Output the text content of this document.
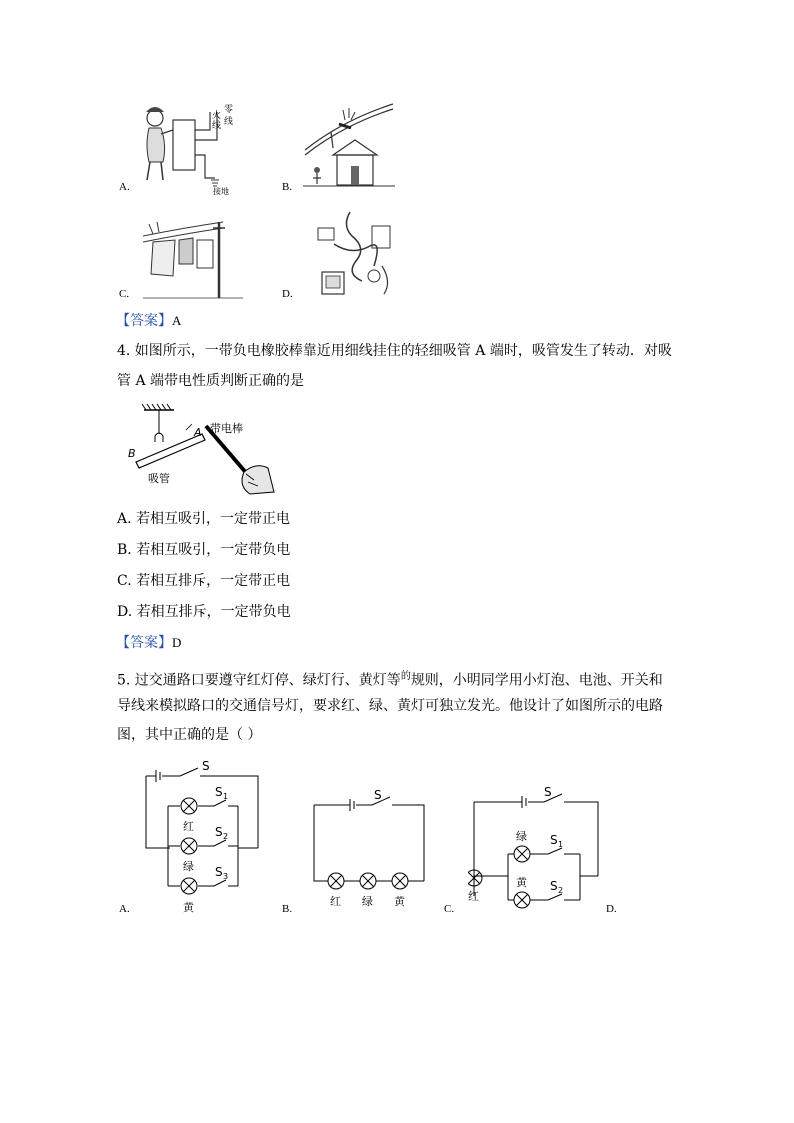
火
线
零
线
接地
A.	B.
C.	D.
【答案】A
4. 如图所示，一带负电橡胶棒靠近用细线挂住的轻细吸管 A 端时，吸管发生了转动．对吸
管 A 端带电性质判断正确的是
B
A 带电棒
吸管
A. 若相互吸引，一定带正电
B. 若相互吸引，一定带负电
C. 若相互排斥，一定带正电
D. 若相互排斥，一定带负电
【答案】D
5. 过交通路口要遵守红灯停、绿灯行、黄灯等$^的$规则，小明同学用小灯泡、电池、开关和
导线来模拟路口的交通信号灯，要求红、绿、黄灯可独立发光。他设计了如图所示的电路
图，其中正确的是（ ）
S
S 1
S 2
S 3
红
绿
黄
A.
S
红 绿 黄
B.
S
S 1
S 2
绿
黄
红
C.	D.
